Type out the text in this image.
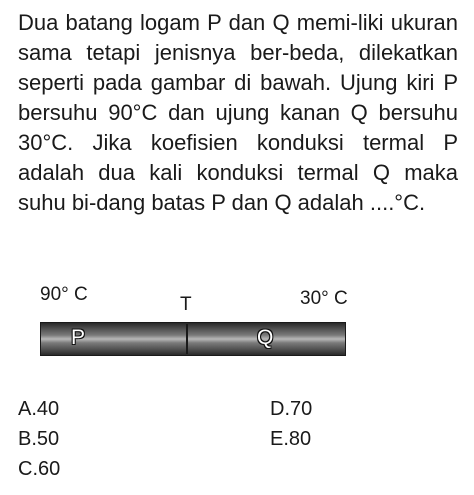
Dua batang logam P dan Q memi-liki ukuran sama tetapi jenisnya ber-beda, dilekatkan seperti pada gambar di bawah. Ujung kiri P bersuhu 90°C dan ujung kanan Q bersuhu 30°C. Jika koefisien konduksi termal P adalah dua kali konduksi termal Q maka suhu bi-dang batas P dan Q adalah ....°C.

90° C	T	30° C
P	Q
A.40
B.50
C.60
D.70
E.80
